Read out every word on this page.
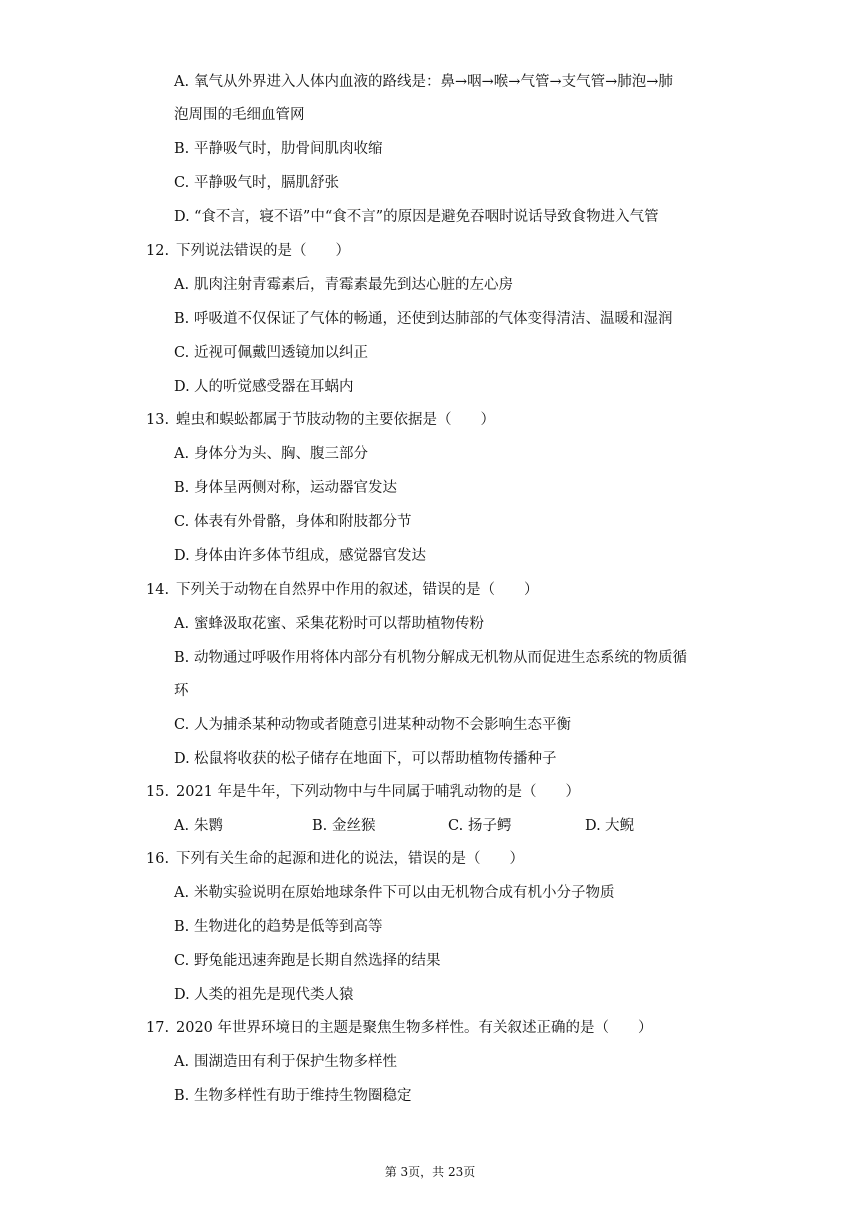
A. 氧气从外界进入人体内血液的路线是：鼻→咽→喉→气管→支气管→肺泡→肺
泡周围的毛细血管网
B. 平静吸气时，肋骨间肌肉收缩
C. 平静吸气时，膈肌舒张
D. “食不言，寝不语”中“食不言”的原因是避免吞咽时说话导致食物进入气管
12. 下列说法错误的是（　　）
A. 肌肉注射青霉素后，青霉素最先到达心脏的左心房
B. 呼吸道不仅保证了气体的畅通，还使到达肺部的气体变得清洁、温暖和湿润
C. 近视可佩戴凹透镜加以纠正
D. 人的听觉感受器在耳蜗内
13. 蝗虫和蜈蚣都属于节肢动物的主要依据是（　　）
A. 身体分为头、胸、腹三部分
B. 身体呈两侧对称，运动器官发达
C. 体表有外骨骼，身体和附肢都分节
D. 身体由许多体节组成，感觉器官发达
14. 下列关于动物在自然界中作用的叙述，错误的是（　　）
A. 蜜蜂汲取花蜜、采集花粉时可以帮助植物传粉
B. 动物通过呼吸作用将体内部分有机物分解成无机物从而促进生态系统的物质循
环
C. 人为捕杀某种动物或者随意引进某种动物不会影响生态平衡
D. 松鼠将收获的松子储存在地面下，可以帮助植物传播种子
15. 2021 年是牛年，下列动物中与牛同属于哺乳动物的是（　　）
A. 朱鹮	B. 金丝猴	C. 扬子鳄	D. 大鲵
16. 下列有关生命的起源和进化的说法，错误的是（　　）
A. 米勒实验说明在原始地球条件下可以由无机物合成有机小分子物质
B. 生物进化的趋势是低等到高等
C. 野兔能迅速奔跑是长期自然选择的结果
D. 人类的祖先是现代类人猿
17. 2020 年世界环境日的主题是聚焦生物多样性。有关叙述正确的是（　　）
A. 围湖造田有利于保护生物多样性
B. 生物多样性有助于维持生物圈稳定
第 3页，共 23页
